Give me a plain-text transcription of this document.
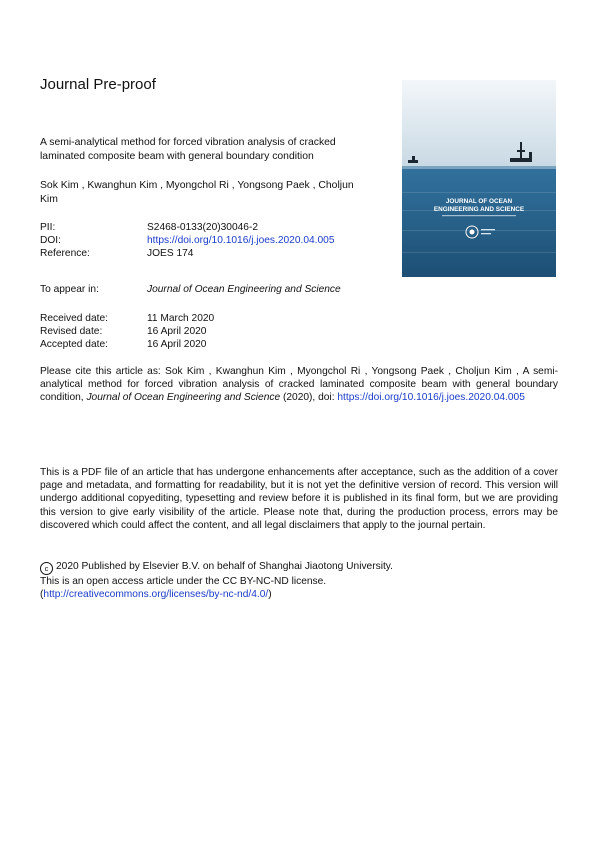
Journal Pre-proof
A semi-analytical method for forced vibration analysis of cracked laminated composite beam with general boundary condition
Sok Kim , Kwanghun Kim , Myongchol Ri , Yongsong Paek , Choljun Kim
PII:	S2468-0133(20)30046-2
DOI:	https://doi.org/10.1016/j.joes.2020.04.005
Reference:	JOES 174
To appear in:	Journal of Ocean Engineering and Science
Received date:	11 March 2020
Revised date:	16 April 2020
Accepted date:	16 April 2020
Please cite this article as: Sok Kim , Kwanghun Kim , Myongchol Ri , Yongsong Paek , Choljun Kim , A semi-analytical method for forced vibration analysis of cracked laminated composite beam with general boundary condition, Journal of Ocean Engineering and Science (2020), doi: https://doi.org/10.1016/j.joes.2020.04.005
This is a PDF file of an article that has undergone enhancements after acceptance, such as the addition of a cover page and metadata, and formatting for readability, but it is not yet the definitive version of record. This version will undergo additional copyediting, typesetting and review before it is published in its final form, but we are providing this version to give early visibility of the article. Please note that, during the production process, errors may be discovered which could affect the content, and all legal disclaimers that apply to the journal pertain.
c 2020 Published by Elsevier B.V. on behalf of Shanghai Jiaotong University.
This is an open access article under the CC BY-NC-ND license.
(http://creativecommons.org/licenses/by-nc-nd/4.0/)
JOURNAL OF OCEAN
ENGINEERING AND SCIENCE
